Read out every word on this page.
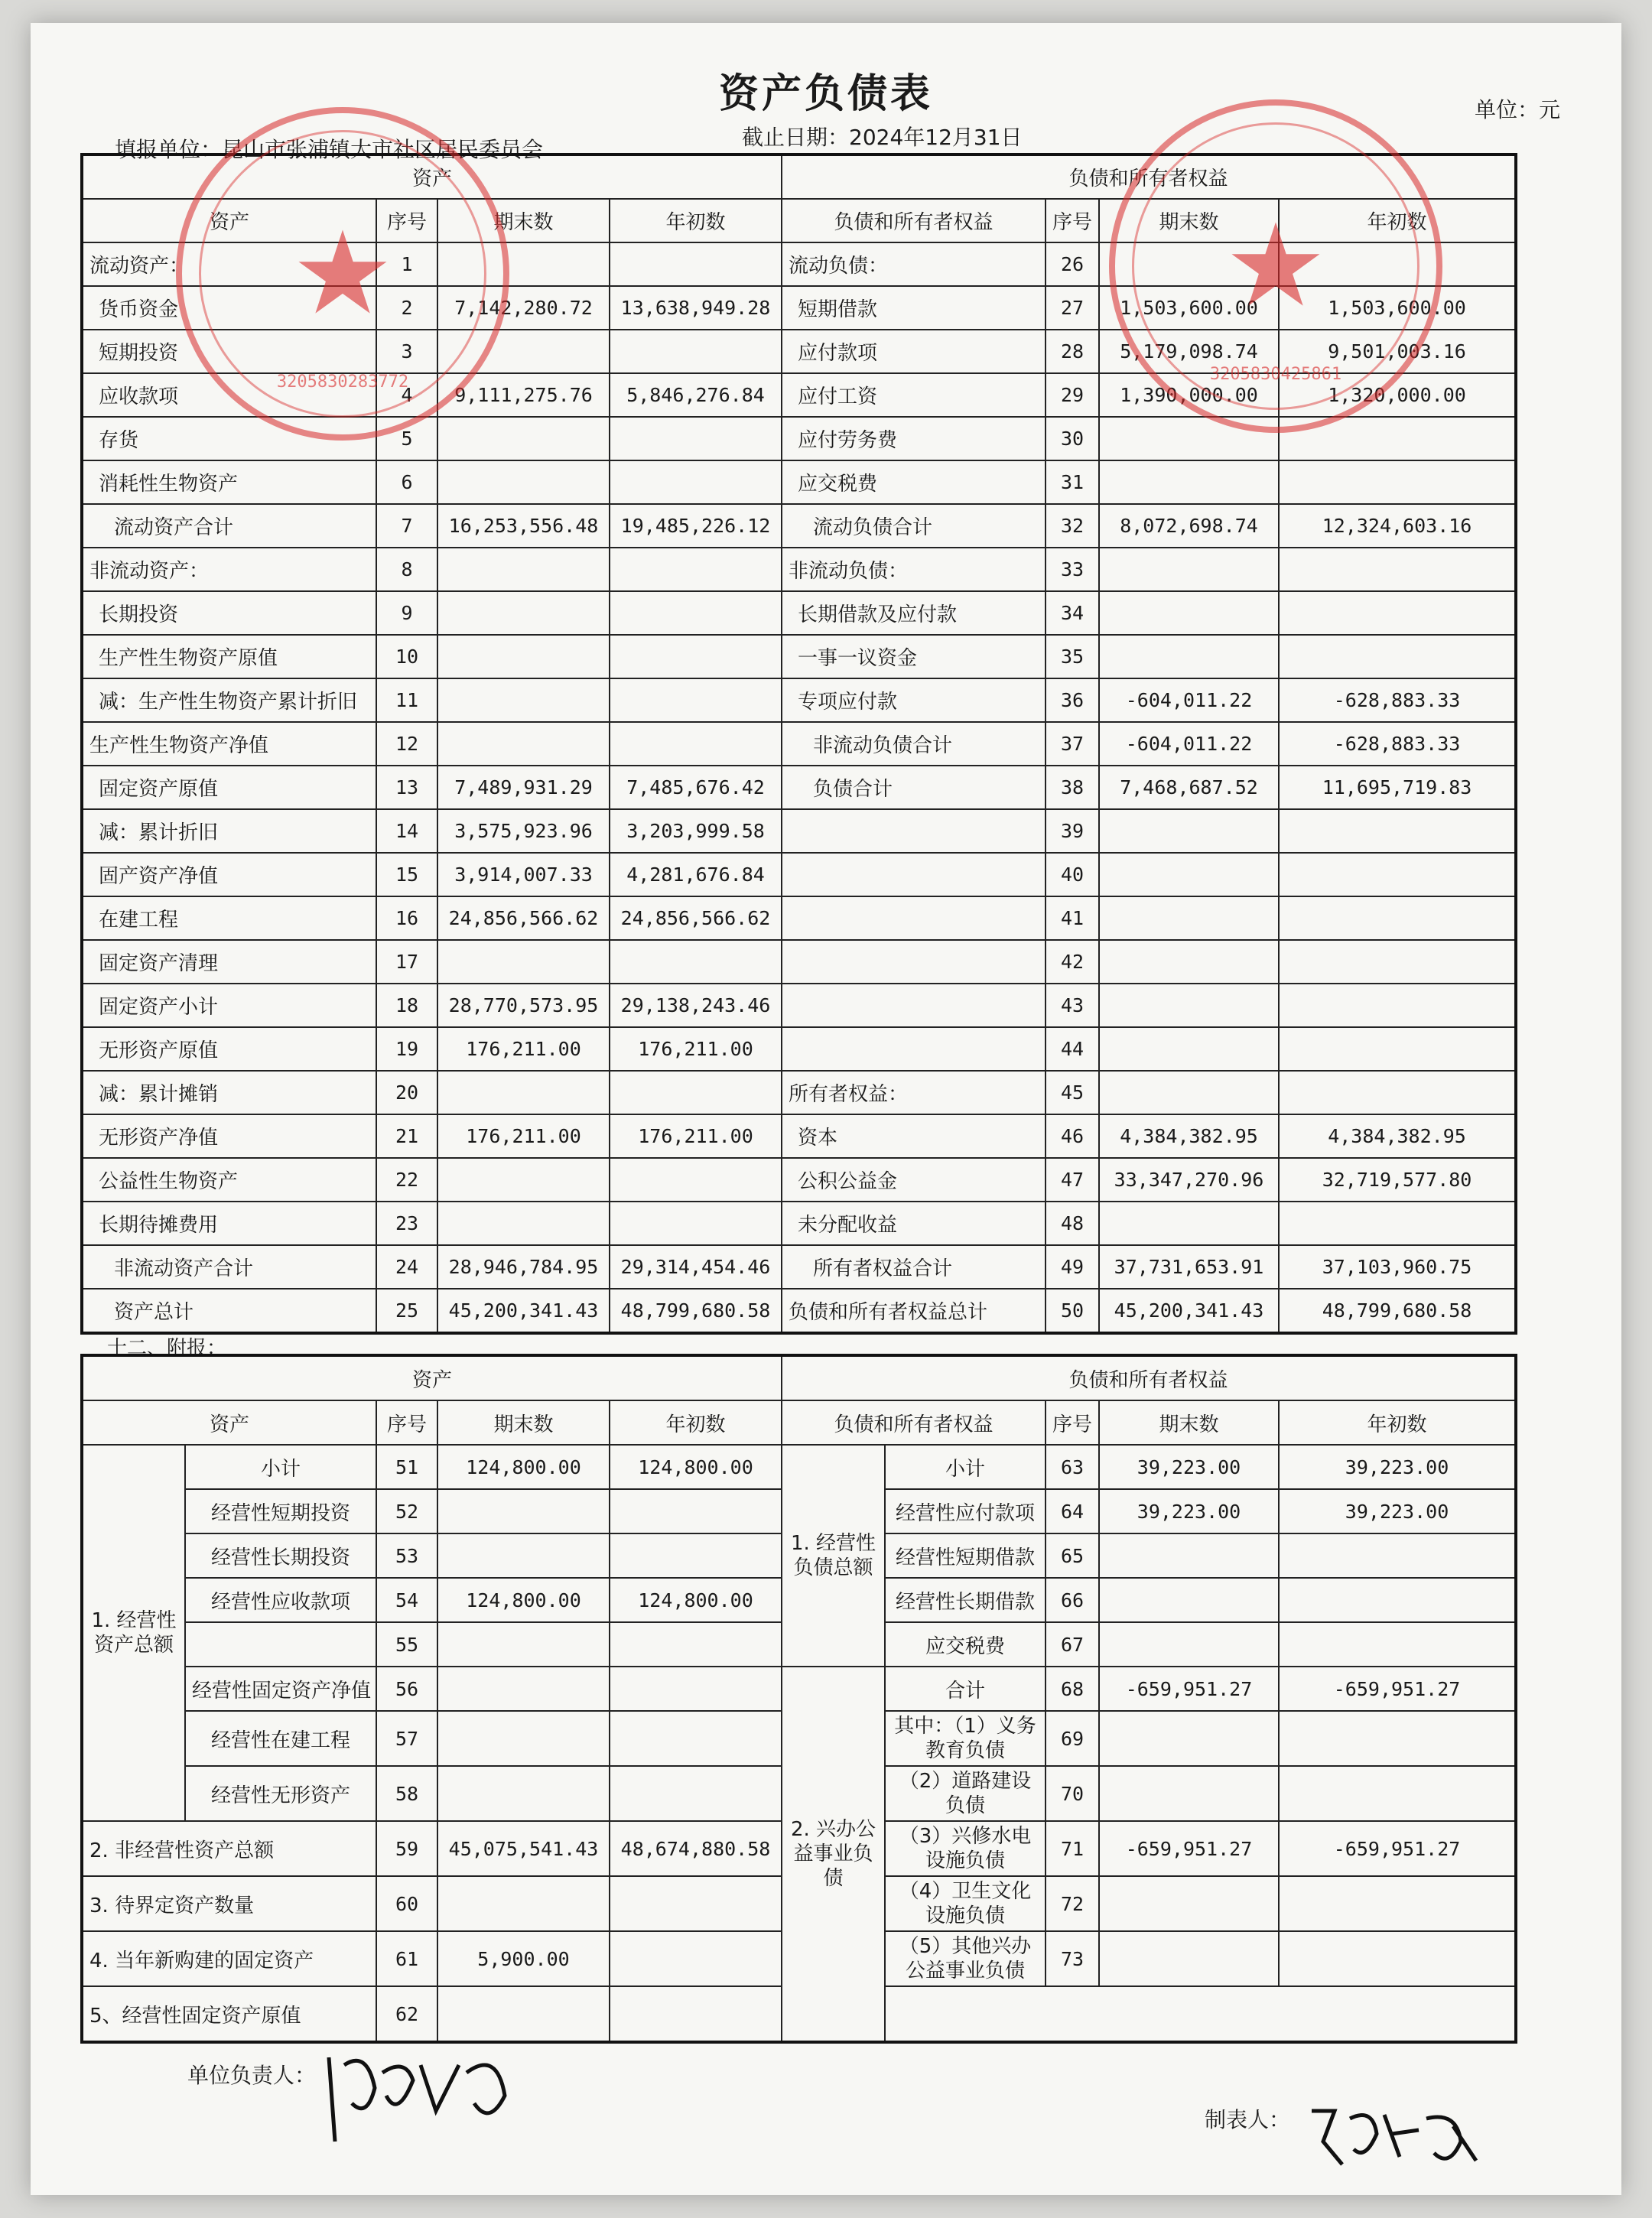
资产负债表	单位：元
截止日期：2024年12月31日
填报单位：昆山市张浦镇大市社区居民委员会
资产				负债和所有者权益			
资产	序号	期末数	年初数	负债和所有者权益	序号	期末数	年初数
流动资产：	1			流动负债：	26		
货币资金	2	7,142,280.72	13,638,949.28	短期借款	27	1,503,600.00	1,503,600.00
短期投资	3			应付款项	28	5,179,098.74	9,501,003.16
应收款项	4	9,111,275.76	5,846,276.84	应付工资	29	1,390,000.00	1,320,000.00
存货	5			应付劳务费	30		
消耗性生物资产	6			应交税费	31		
流动资产合计	7	16,253,556.48	19,485,226.12	流动负债合计	32	8,072,698.74	12,324,603.16
非流动资产：	8			非流动负债：	33		
长期投资	9			长期借款及应付款	34		
生产性生物资产原值	10			一事一议资金	35		
减：生产性生物资产累计折旧	11			专项应付款	36	-604,011.22	-628,883.33
生产性生物资产净值	12			非流动负债合计	37	-604,011.22	-628,883.33
固定资产原值	13	7,489,931.29	7,485,676.42	负债合计	38	7,468,687.52	11,695,719.83
减：累计折旧	14	3,575,923.96	3,203,999.58		39		
固产资产净值	15	3,914,007.33	4,281,676.84		40		
在建工程	16	24,856,566.62	24,856,566.62		41		
固定资产清理	17				42		
固定资产小计	18	28,770,573.95	29,138,243.46		43		
无形资产原值	19	176,211.00	176,211.00		44		
减：累计摊销	20			所有者权益：	45		
无形资产净值	21	176,211.00	176,211.00	资本	46	4,384,382.95	4,384,382.95
公益性生物资产	22			公积公益金	47	33,347,270.96	32,719,577.80
长期待摊费用	23			未分配收益	48		
非流动资产合计	24	28,946,784.95	29,314,454.46	所有者权益合计	49	37,731,653.91	37,103,960.75
资产总计	25	45,200,341.43	48,799,680.58	负债和所有者权益总计	50	45,200,341.43	48,799,680.58
十二、附报：
资产					负债和所有者权益				
资产		序号	期末数	年初数	负债和所有者权益		序号	期末数	年初数
1. 经营性资产总额	小计	51	124,800.00	124,800.00	1. 经营性负债总额	小计	63	39,223.00	39,223.00
	经营性短期投资	52				经营性应付款项	64	39,223.00	39,223.00
	经营性长期投资	53				经营性短期借款	65		
	经营性应收款项	54	124,800.00	124,800.00		经营性长期借款	66		
		55				应交税费	67		
	经营性固定资产净值	56			2. 兴办公益事业负债	合计	68	-659,951.27	-659,951.27
	经营性在建工程	57				其中：（1）义务教育负债	69		
	经营性无形资产	58				（2）道路建设负债	70		
2. 非经营性资产总额		59	45,075,541.43	48,674,880.58		（3）兴修水电设施负债	71	-659,951.27	-659,951.27
3. 待界定资产数量		60				（4）卫生文化设施负债	72		
4. 当年新购建的固定资产		61	5,900.00			（5）其他兴办公益事业负债	73		
5、经营性固定资产原值		62							
单位负责人：
制表人：
★
3205830283772
★
3205830425861
